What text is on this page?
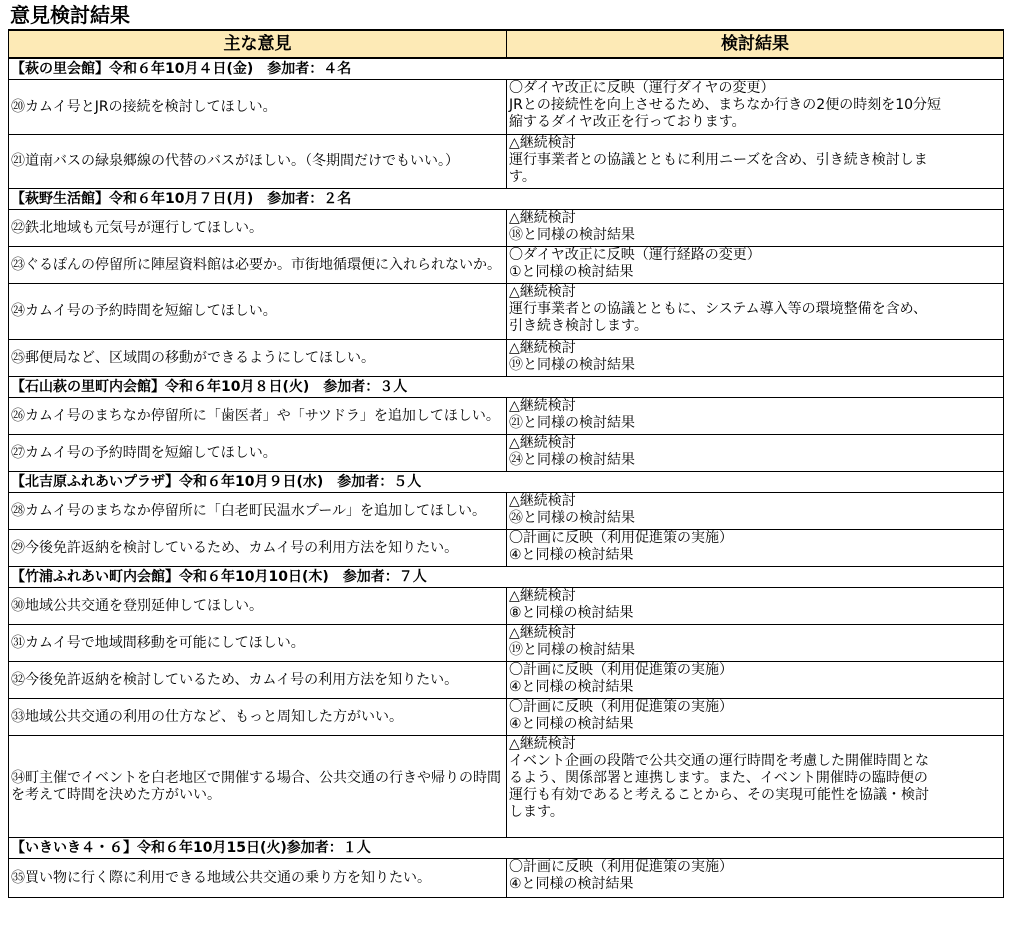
意見検討結果
主な意見	検討結果
【萩の里会館】令和６年10月４日(金)　参加者：４名	
⑳カムイ号とJRの接続を検討してほしい。	〇ダイヤ改正に反映（運行ダイヤの変更）
JRとの接続性を向上させるため、まちなか行きの2便の時刻を10分短
縮するダイヤ改正を行っております。

㉑道南バスの緑泉郷線の代替のバスがほしい。（冬期間だけでもいい。）	△継続検討
運行事業者との協議とともに利用ニーズを含め、引き続き検討しま
す。

【萩野生活館】令和６年10月７日(月)　参加者：２名	
㉒鉄北地域も元気号が運行してほしい。	△継続検討
⑱と同様の検討結果

㉓ぐるぽんの停留所に陣屋資料館は必要か。市街地循環便に入れられないか。	〇ダイヤ改正に反映（運行経路の変更）
①と同様の検討結果

㉔カムイ号の予約時間を短縮してほしい。	△継続検討
運行事業者との協議とともに、システム導入等の環境整備を含め、
引き続き検討します。

㉕郵便局など、区域間の移動ができるようにしてほしい。	△継続検討
⑲と同様の検討結果

【石山萩の里町内会館】令和６年10月８日(火)　参加者：３人	
㉖カムイ号のまちなか停留所に「歯医者」や「サツドラ」を追加してほしい。	△継続検討
㉑と同様の検討結果

㉗カムイ号の予約時間を短縮してほしい。	△継続検討
㉔と同様の検討結果

【北吉原ふれあいプラザ】令和６年10月９日(水)　参加者：５人	
㉘カムイ号のまちなか停留所に「白老町民温水プール」を追加してほしい。	△継続検討
㉖と同様の検討結果

㉙今後免許返納を検討しているため、カムイ号の利用方法を知りたい。	〇計画に反映（利用促進策の実施）
④と同様の検討結果

【竹浦ふれあい町内会館】令和６年10月10日(木)　参加者：７人	
㉚地域公共交通を登別延伸してほしい。	△継続検討
⑧と同様の検討結果

㉛カムイ号で地域間移動を可能にしてほしい。	△継続検討
⑲と同様の検討結果

㉜今後免許返納を検討しているため、カムイ号の利用方法を知りたい。	〇計画に反映（利用促進策の実施）
④と同様の検討結果

㉝地域公共交通の利用の仕方など、もっと周知した方がいい。	〇計画に反映（利用促進策の実施）
④と同様の検討結果

㉞町主催でイベントを白老地区で開催する場合、公共交通の行きや帰りの時間を考えて時間を決めた方がいい。	△継続検討
イベント企画の段階で公共交通の運行時間を考慮した開催時間とな
るよう、関係部署と連携します。また、イベント開催時の臨時便の
運行も有効であると考えることから、その実現可能性を協議・検討
します。

【いきいき４・６】令和６年10月15日(火)参加者：１人	
㉟買い物に行く際に利用できる地域公共交通の乗り方を知りたい。	〇計画に反映（利用促進策の実施）
④と同様の検討結果
